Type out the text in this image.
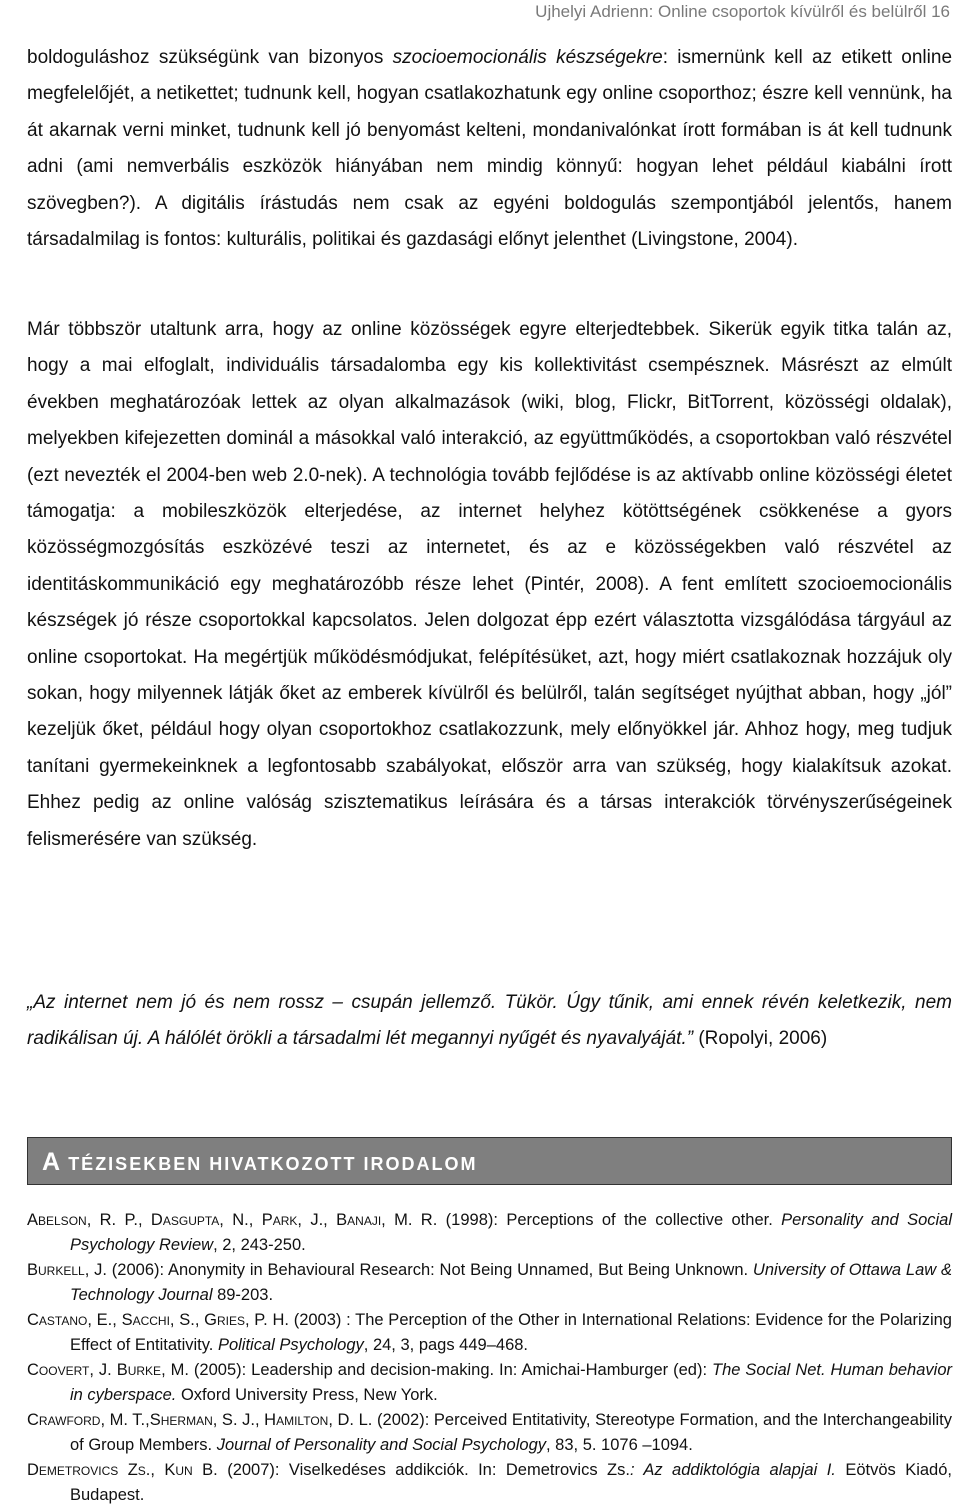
Ujhelyi Adrienn: Online csoportok kívülről és belülről 16

boldoguláshoz szükségünk van bizonyos szocioemocionális készségekre: ismernünk kell az etikett online megfelelőjét, a netikettet; tudnunk kell, hogyan csatlakozhatunk egy online csoporthoz; észre kell vennünk, ha át akarnak verni minket, tudnunk kell jó benyomást kelteni, mondanivalónkat írott formában is át kell tudnunk adni (ami nemverbális eszközök hiányában nem mindig könnyű: hogyan lehet például kiabálni írott szövegben?). A digitális írástudás nem csak az egyéni boldogulás szempontjából jelentős, hanem társadalmilag is fontos: kulturális, politikai és gazdasági előnyt jelenthet (Livingstone, 2004).

Már többször utaltunk arra, hogy az online közösségek egyre elterjedtebbek. Sikerük egyik titka talán az, hogy a mai elfoglalt, individuális társadalomba egy kis kollektivitást csempésznek. Másrészt az elmúlt években meghatározóak lettek az olyan alkalmazások (wiki, blog, Flickr, BitTorrent, közösségi oldalak), melyekben kifejezetten dominál a másokkal való interakció, az együttműködés, a csoportokban való részvétel (ezt nevezték el 2004-ben web 2.0-nek). A technológia tovább fejlődése is az aktívabb online közösségi életet támogatja: a mobileszközök elterjedése, az internet helyhez kötöttségének csökkenése a gyors közösségmozgósítás eszközévé teszi az internetet, és az e közösségekben való részvétel az identitáskommunikáció egy meghatározóbb része lehet (Pintér, 2008). A fent említett szocioemocionális készségek jó része csoportokkal kapcsolatos. Jelen dolgozat épp ezért választotta vizsgálódása tárgyául az online csoportokat. Ha megértjük működésmódjukat, felépítésüket, azt, hogy miért csatlakoznak hozzájuk oly sokan, hogy milyennek látják őket az emberek kívülről és belülről, talán segítséget nyújthat abban, hogy „jól” kezeljük őket, például hogy olyan csoportokhoz csatlakozzunk, mely előnyökkel jár. Ahhoz hogy, meg tudjuk tanítani gyermekeinknek a legfontosabb szabályokat, először arra van szükség, hogy kialakítsuk azokat. Ehhez pedig az online valóság szisztematikus leírására és a társas interakciók törvényszerűségeinek felismerésére van szükség.

„Az internet nem jó és nem rossz – csupán jellemző. Tükör. Úgy tűnik, ami ennek révén keletkezik, nem radikálisan új. A hálólét örökli a társadalmi lét megannyi nyűgét és nyavalyáját.” (Ropolyi, 2006)

A TÉZISEKBEN HIVATKOZOTT IRODALOM
Abelson, R. P., Dasgupta, N., Park, J., Banaji, M. R. (1998): Perceptions of the collective other. Personality and Social Psychology Review, 2, 243-250.
Burkell, J. (2006): Anonymity in Behavioural Research: Not Being Unnamed, But Being Unknown. University of Ottawa Law & Technology Journal 89-203.
Castano, E., Sacchi, S., Gries, P. H. (2003) : The Perception of the Other in International Relations: Evidence for the Polarizing Effect of Entitativity. Political Psychology, 24, 3, pags 449–468.
Coovert, J. Burke, M. (2005): Leadership and decision-making. In: Amichai-Hamburger (ed): The Social Net. Human behavior in cyberspace. Oxford University Press, New York.
Crawford, M. T.,Sherman, S. J., Hamilton, D. L. (2002): Perceived Entitativity, Stereotype Formation, and the Interchangeability of Group Members. Journal of Personality and Social Psychology, 83, 5. 1076 –1094.
Demetrovics Zs., Kun B. (2007): Viselkedéses addikciók. In: Demetrovics Zs.: Az addiktológia alapjai I. Eötvös Kiadó, Budapest.
